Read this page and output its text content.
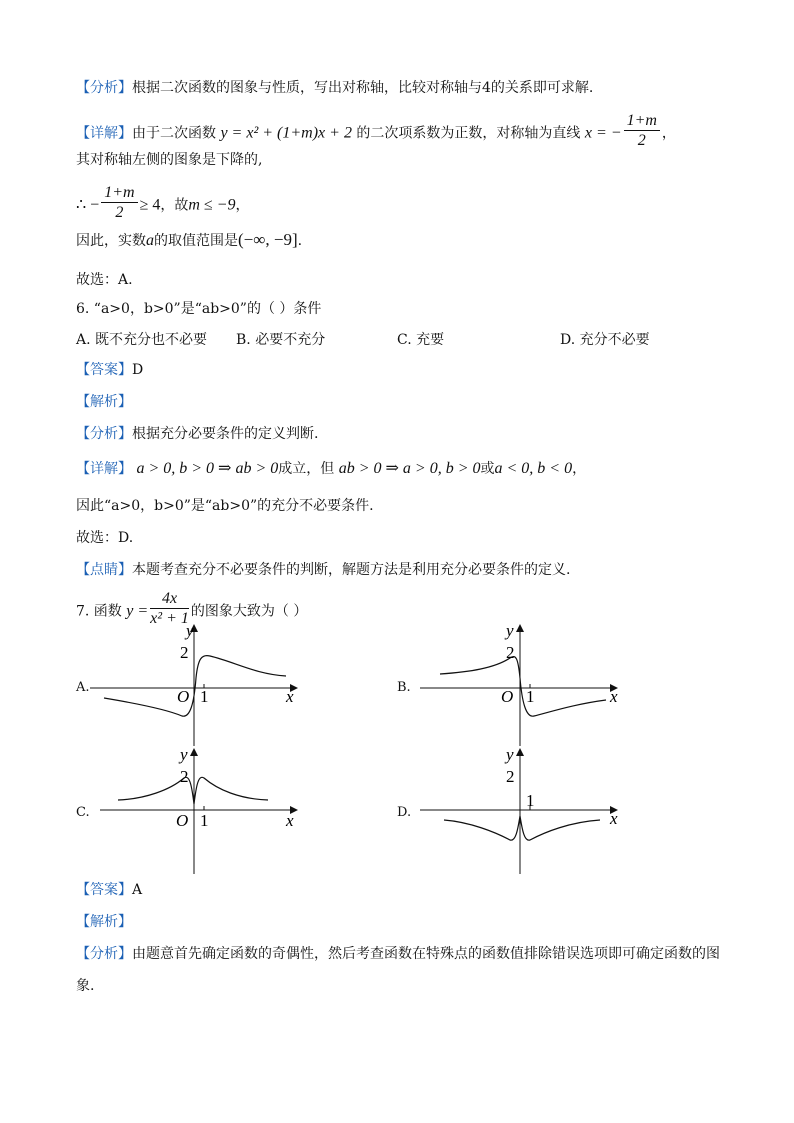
【分析】根据二次函数的图象与性质，写出对称轴，比较对称轴与4的关系即可求解.
【详解】由于二次函数 y = x² + (1+m)x + 2 的二次项系数为正数，对称轴为直线 x = − $\frac{1+m}{2}$ ，
其对称轴左侧的图象是下降的,
∴ − $\frac{1+m}{2} \ge 4$，故m ≤ −9，
因此，实数a的取值范围是(−∞, −9].
故选：A.
6. “a>0，b>0”是“ab>0”的（ ）条件
A. 既不充分也不必要 B. 必要不充分	C. 充要	D. 充分不必要
【答案】D
【解析】
【分析】根据充分必要条件的定义判断.
【详解】 a > 0, b > 0 ⇒ ab > 0成立，但 ab > 0 ⇒ a > 0, b > 0或a < 0, b < 0，
因此“a>0，b>0”是“ab>0”的充分不必要条件.
故选：D.
【点睛】本题考查充分不必要条件的判断，解题方法是利用充分必要条件的定义.
7. 函数 $y = \frac{4x}{\text{x² + 1}}$ 的图象大致为（ ）
A.	B.
C.	D.
O 1
2
y
x	O 1
2
y
x
O 1
2
y
x
2
1
y
x
【答案】A
【解析】
【分析】由题意首先确定函数的奇偶性，然后考查函数在特殊点的函数值排除错误选项即可确定函数的图
象.
